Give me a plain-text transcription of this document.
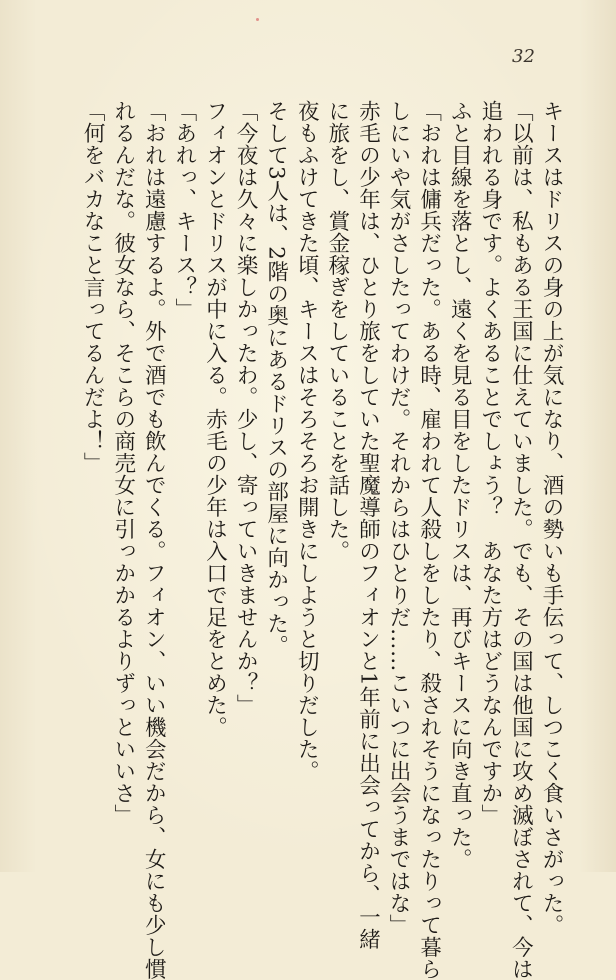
32
キースはドリスの身の上が気になり、酒の勢いも手伝って、しつこく食いさがった。
「以前は、私もある王国に仕えていました。でも、その国は他国に攻め滅ぼされて、今は
追われる身です。よくあることでしょう？　あなた方はどうなんですか」
ふと目線を落とし、遠くを見る目をしたドリスは、再びキースに向き直った。
「おれは傭兵だった。ある時、雇われて人殺しをしたり、殺されそうになったりって暮ら
しにいや気がさしたってわけだ。それからはひとりだ……こいつに出会うまではな」
赤毛の少年は、ひとり旅をしていた聖魔導師のフィオンと1年前に出会ってから、一緒
に旅をし、賞金稼ぎをしていることを話した。
夜もふけてきた頃、キースはそろそろお開きにしようと切りだした。
そして3人は、2階の奥にあるドリスの部屋に向かった。
「今夜は久々に楽しかったわ。少し、寄っていきませんか？」
フィオンとドリスが中に入る。赤毛の少年は入口で足をとめた。
「あれっ、キース？」
「おれは遠慮するよ。外で酒でも飲んでくる。フィオン、いい機会だから、女にも少し慣
れるんだな。彼女なら、そこらの商売女に引っかかるよりずっといいさ」
「何をバカなこと言ってるんだよ！」
